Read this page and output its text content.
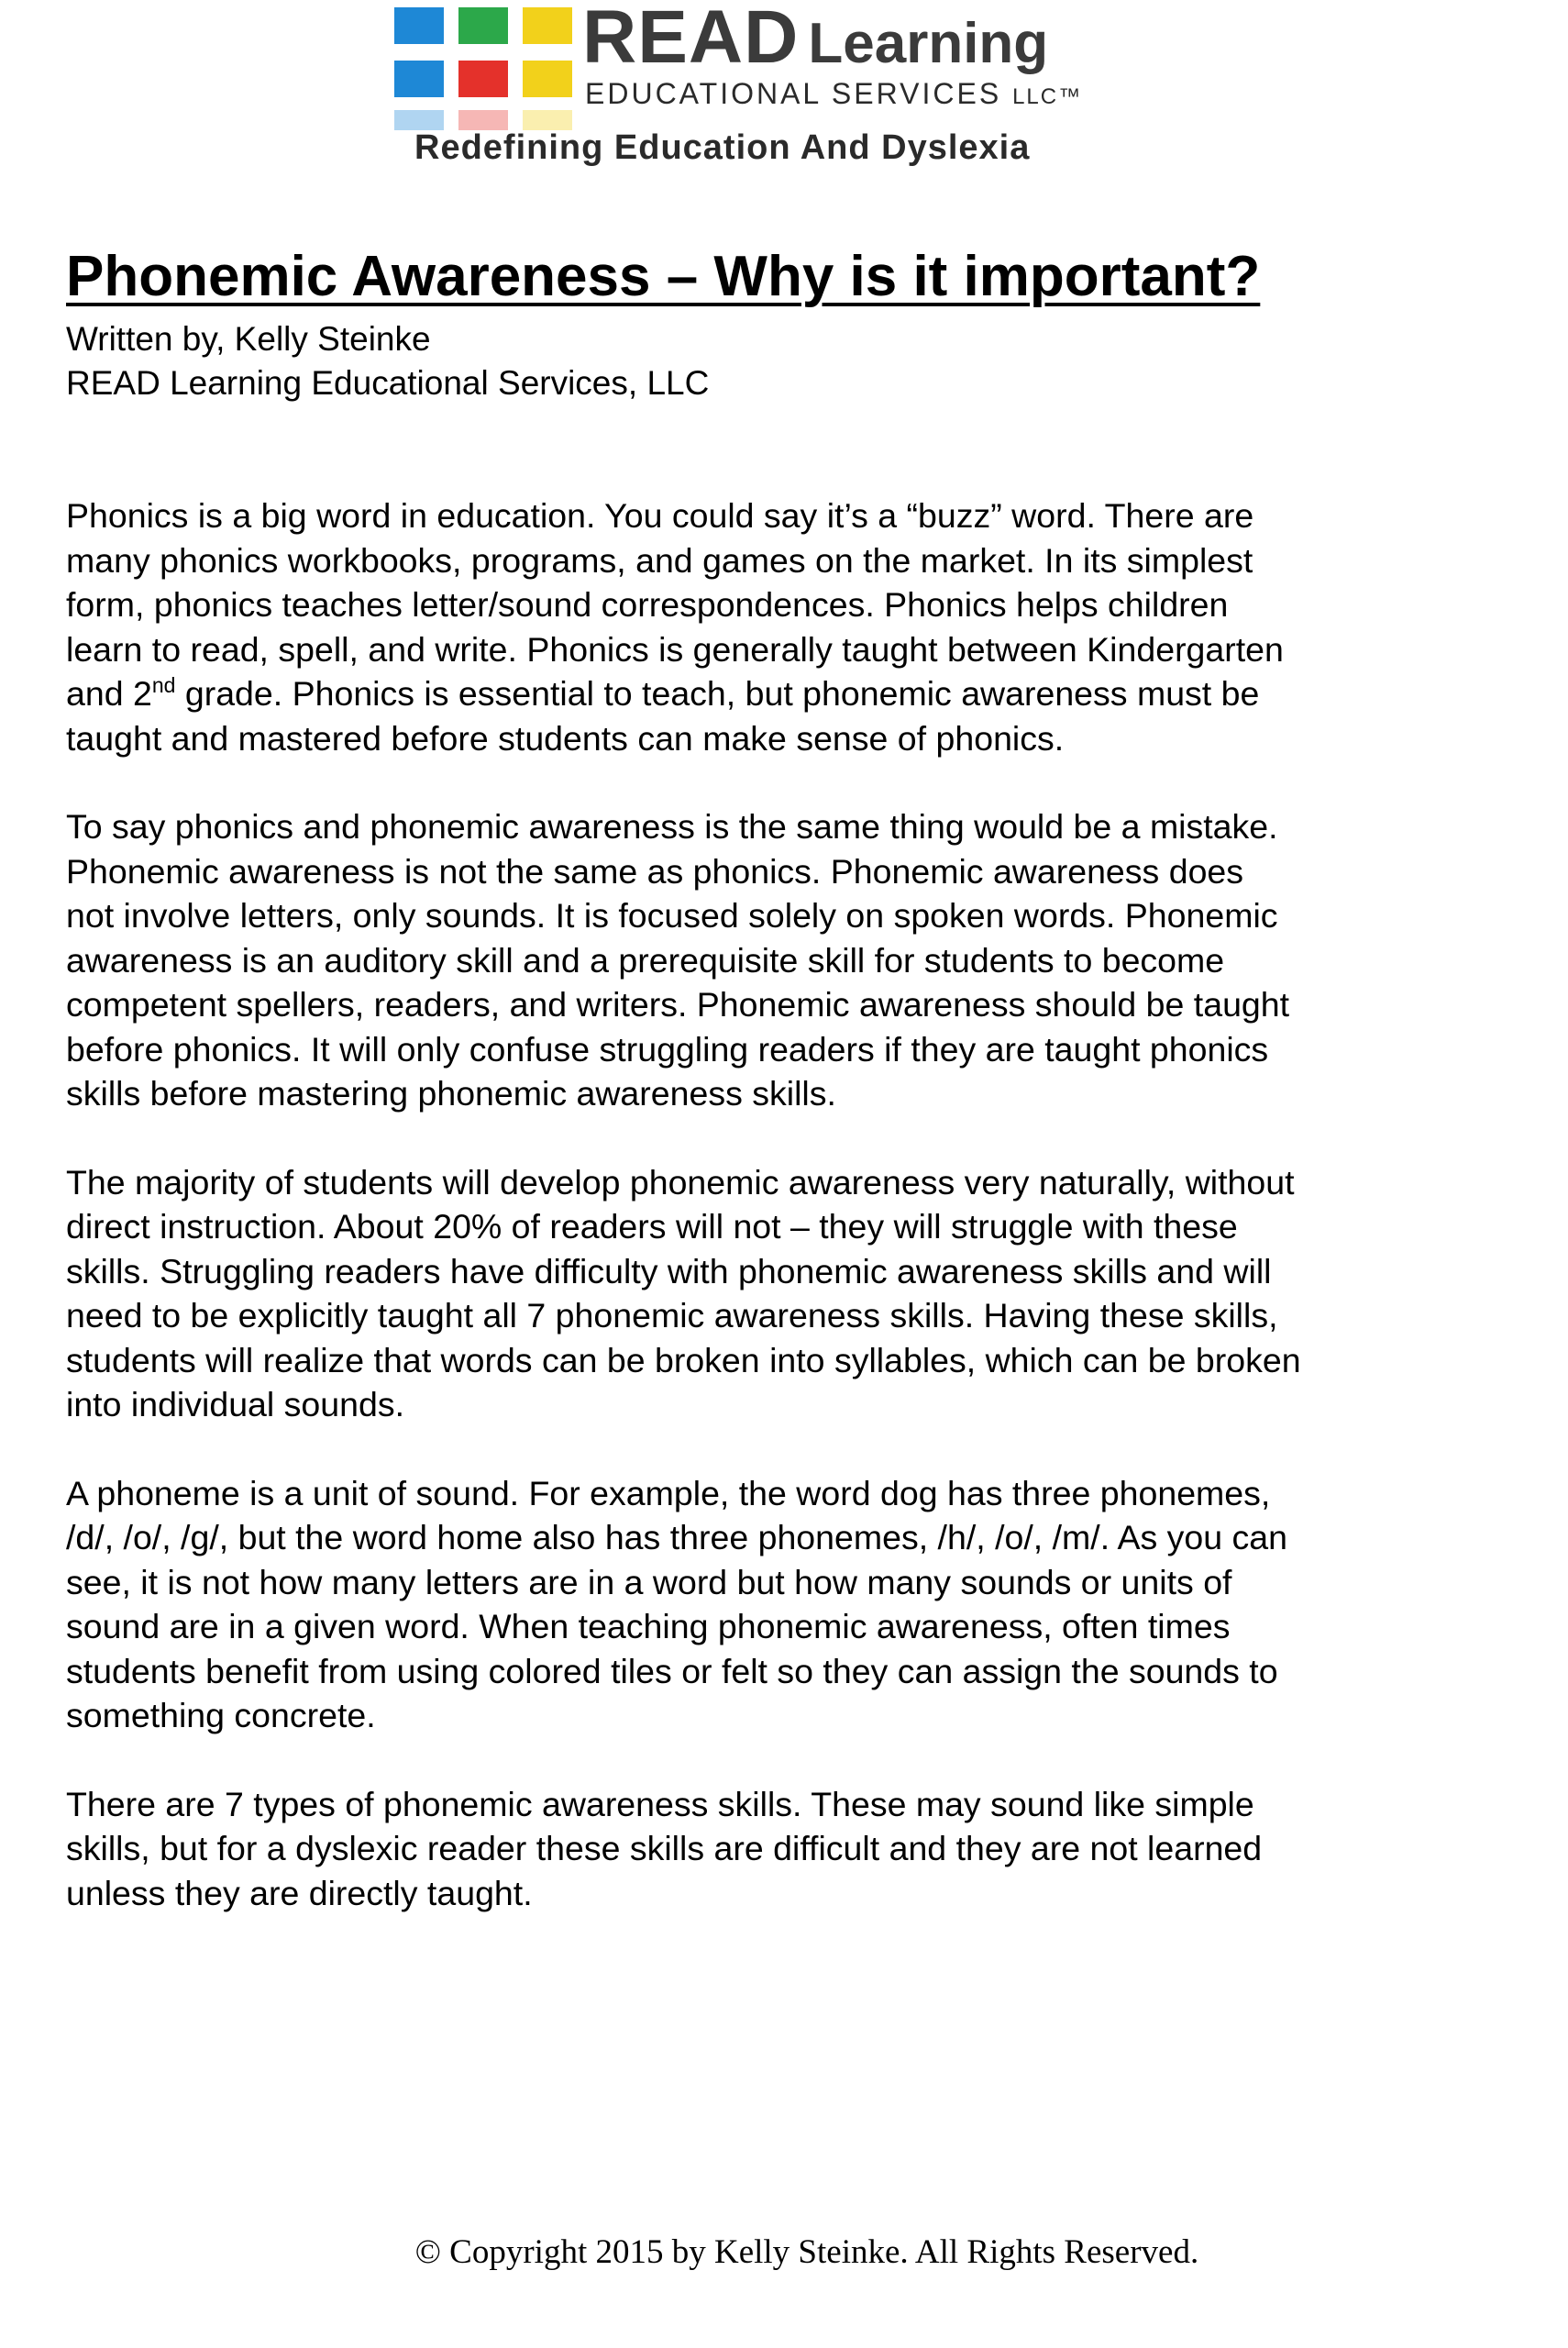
READ Learning
EDUCATIONAL SERVICES LLC™
Redefining Education And Dyslexia
Phonemic Awareness – Why is it important?
Written by, Kelly Steinke
READ Learning Educational Services, LLC

Phonics is a big word in education. You could say it’s a “buzz” word. There are
many phonics workbooks, programs, and games on the market. In its simplest
form, phonics teaches letter/sound correspondences. Phonics helps children
learn to read, spell, and write. Phonics is generally taught between Kindergarten
and 2nd grade. Phonics is essential to teach, but phonemic awareness must be
taught and mastered before students can make sense of phonics.

To say phonics and phonemic awareness is the same thing would be a mistake.
Phonemic awareness is not the same as phonics. Phonemic awareness does
not involve letters, only sounds. It is focused solely on spoken words. Phonemic
awareness is an auditory skill and a prerequisite skill for students to become
competent spellers, readers, and writers. Phonemic awareness should be taught
before phonics. It will only confuse struggling readers if they are taught phonics
skills before mastering phonemic awareness skills.

The majority of students will develop phonemic awareness very naturally, without
direct instruction. About 20% of readers will not – they will struggle with these
skills. Struggling readers have difficulty with phonemic awareness skills and will
need to be explicitly taught all 7 phonemic awareness skills. Having these skills,
students will realize that words can be broken into syllables, which can be broken
into individual sounds.

A phoneme is a unit of sound. For example, the word dog has three phonemes,
/d/, /o/, /g/, but the word home also has three phonemes, /h/, /o/, /m/. As you can
see, it is not how many letters are in a word but how many sounds or units of
sound are in a given word. When teaching phonemic awareness, often times
students benefit from using colored tiles or felt so they can assign the sounds to
something concrete.

There are 7 types of phonemic awareness skills. These may sound like simple
skills, but for a dyslexic reader these skills are difficult and they are not learned
unless they are directly taught.

© Copyright 2015 by Kelly Steinke. All Rights Reserved.
